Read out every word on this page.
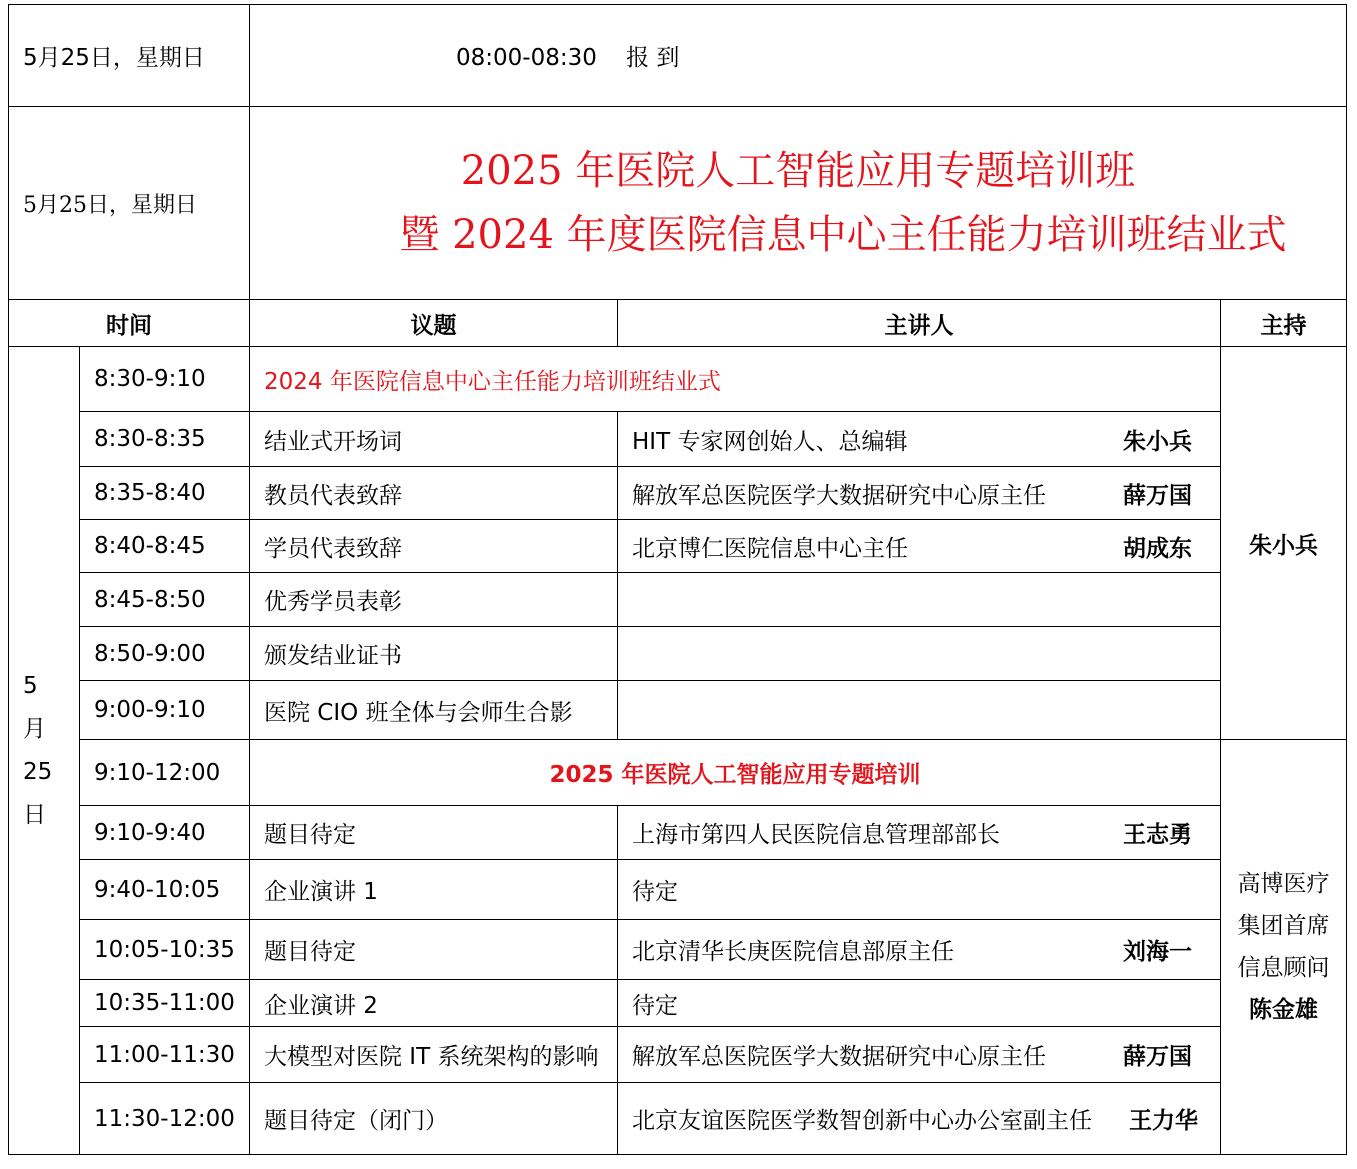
5月25日，星期日		08:00-08:30    报 到		
5月25日，星期日		2025 年医院人工智能应用专题培训班
暨 2024 年度医院信息中心主任能力培训班结业式		

时间		议题	主讲人	主持

5
月
25
日	8:30-9:10	2024 年医院信息中心主任能力培训班结业式		朱小兵
	8:30-8:35	结业式开场词	HIT 专家网创始人、总编辑 朱小兵	

	8:35-8:40	教员代表致辞	解放军总医院医学大数据研究中心原主任 薛万国	

	8:40-8:45	学员代表致辞	北京博仁医院信息中心主任 胡成东	

	8:45-8:50	优秀学员表彰		

	8:50-9:00	颁发结业证书		

	9:00-9:10	医院 CIO 班全体与会师生合影		

	9:10-12:00	2025 年医院人工智能应用专题培训		高博医疗
集团首席
信息顾问
陈金雄

	9:10-9:40	题目待定	上海市第四人民医院信息管理部部长 王志勇	

	9:40-10:05	企业演讲 1	待定	

	10:05-10:35	题目待定	北京清华长庚医院信息部原主任 刘海一	

	10:35-11:00	企业演讲 2	待定	

	11:00-11:30	大模型对医院 IT 系统架构的影响	解放军总医院医学大数据研究中心原主任 薛万国	

	11:30-12:00	题目待定（闭门）	北京友谊医院医学数智创新中心办公室副主任 王力华	
